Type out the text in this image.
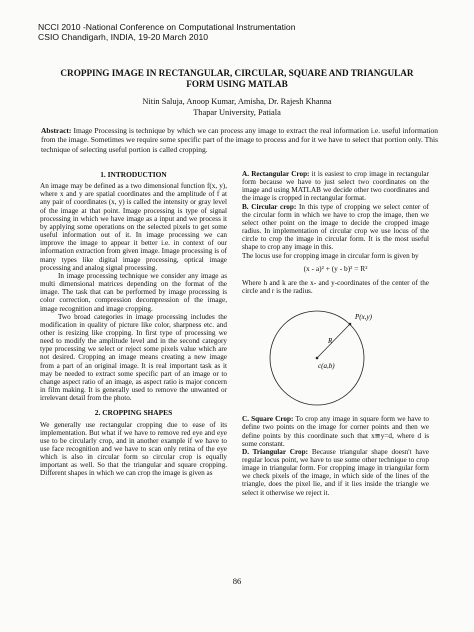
NCCI 2010 -National Conference on Computational Instrumentation
CSIO Chandigarh, INDIA, 19-20 March 2010
CROPPING IMAGE IN RECTANGULAR, CIRCULAR, SQUARE AND TRIANGULAR
FORM USING MATLAB
Nitin Saluja, Anoop Kumar, Amisha, Dr. Rajesh Khanna
Thapar University, Patiala
Abstract: Image Processing is technique by which we can process any image to extract the real information i.e. useful information from the image. Sometimes we require some specific part of the image to process and for it we have to select that portion only. This technique of selecting useful portion is called cropping.
1. INTRODUCTION

An image may be defined as a two dimensional function f(x, y), where x and y are spatial coordinates and the amplitude of f at any pair of coordinates (x, y) is called the intensity or gray level of the image at that point. Image processing is type of signal processing in which we have image as a input and we process it by applying some operations on the selected pixels to get some useful information out of it. In image processing we can improve the image to appear it better i.e. in context of our information extraction from given image. Image processing is of many types like digital image processing, optical image processing and analog signal processing.

In image processing technique we consider any image as multi dimensional matrices depending on the format of the image. The task that can be performed by image processing is color correction, compression decompression of the image, image recognition and image cropping.

Two broad categories in image processing includes the modification in quality of picture like color, sharpness etc. and other is resizing like cropping. In first type of processing we need to modify the amplitude level and in the second category type processing we select or reject some pixels value which are not desired. Cropping an image means creating a new image from a part of an original image. It is real important task as it may be needed to extract some specific part of an image or to change aspect ratio of an image, as aspect ratio is major concern in film making. It is generally used to remove the unwanted or irrelevant detail from the photo.

2. CROPPING SHAPES

We generally use rectangular cropping due to ease of its implementation. But what if we have to remove red eye and eye use to be circularly crop, and in another example if we have to use face recognition and we have to scan only retina of the eye which is also in circular form so circular crop is equally important as well. So that the triangular and square cropping. Different shapes in which we can crop the image is given as

A. Rectangular Crop: it is easiest to crop image in rectangular form because we have to just select two coordinates on the image and using MATLAB we decide other two coordinates and the image is cropped in rectangular format.

B. Circular crop: In this type of cropping we select center of the circular form in which we have to crop the image, then we select other point on the image to decide the cropped image radius. In implementation of circular crop we use locus of the circle to crop the image in circular form. It is the most useful shape to crop any image in this.

The locus use for cropping image in circular form is given by

(x - a)² + (y - b)² = R²

Where h and k are the x- and y-coordinates of the center of the circle and r is the radius.

P(x,y)
R
c(a,b)

C. Square Crop: To crop any image in square form we have to define two points on the image for corner points and then we define points by this coordinate such that x≅y=d, where d is some constant.

D. Triangular Crop: Because triangular shape doesn't have regular locus point, we have to use some other technique to crop image in triangular form. For cropping image in triangular form we check pixels of the image, in which side of the lines of the triangle, does the pixel lie, and if it lies inside the triangle we select it otherwise we reject it.

86
